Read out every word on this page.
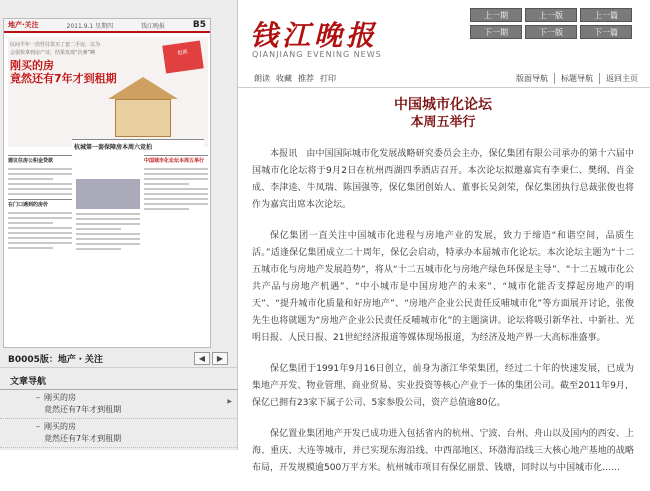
地产·关注	2011.9.1 星期四	钱江晚报	B5
民间半年一次性付款买了套二手房，以为会很快拿到房产证，结果发现“坑爹”啊
刚买的房
竟然还有7年才到租期
租期
杭城第一套保障房本周六竞拍
建议住房公积金贷款
在门口遇到的房价
中国城市化论坛本周五举行
B0005版：地产・关注	◀	▶
文章导航
– 刚买的房
竟然还有7年才到租期
▶
– 刚买的房
竟然还有7年才到租期
钱江晚报
QIANJIANG EVENING NEWS
上一期	上一版	上一篇
下一期	下一版	下一篇
朗读 收藏 推荐 打印	版面导航	标题导航	返回主页
中国城市化论坛
本周五举行

本报讯　由中国国际城市化发展战略研究委员会主办，保亿集团有限公司承办的第十六届中国城市化论坛将于9月2日在杭州西湖四季酒店召开。本次论坛拟邀嘉宾有李秉仁、樊纲、肖金成、李津逵、牛凤瑞、陈国强等，保亿集团创始人、董事长吴剑荣，保亿集团执行总裁张俊也将作为嘉宾出席本次论坛。

保亿集团一直关注中国城市化进程与房地产业的发展，致力于缔造“和谐空间，品质生活。”适逢保亿集团成立二十周年，保亿会启动，特承办本届城市化论坛。本次论坛主题为“十二五城市化与房地产发展趋势”，将从“十二五城市化与房地产绿色环保是主导”、“十二五城市化公共产品与房地产机遇”、“中小城市是中国房地产的未来”、“城市化能否支撑起房地产的明天”、“提升城市化质量和好房地产”、“房地产企业公民责任反哺城市化”等方面展开讨论，张俊先生也将就题为“房地产企业公民责任反哺城市化”的主题演讲。论坛将吸引新华社、中新社、光明日报、人民日报、21世纪经济报道等媒体现场报道，为经济及地产界一大高标准盛事。

保亿集团于1991年9月16日创立，前身为浙江华荣集团，经过二十年的快速发展，已成为集地产开发、物业管理、商业贸易、实业投资等核心产业于一体的集团公司。截至2011年9月，保亿已拥有23家下属子公司、5家参股公司，资产总值逾80亿。

保亿置业集团地产开发已成功进入包括省内的杭州、宁波、台州、舟山以及国内的西安、上海、重庆、大连等城市，并已实现东海沿线、中西部地区、环渤海沿线三大核心地产基地的战略布局，开发规模逾500万平方米。杭州城市项目有保亿丽景、钱塘，同时以与中国城市化……
